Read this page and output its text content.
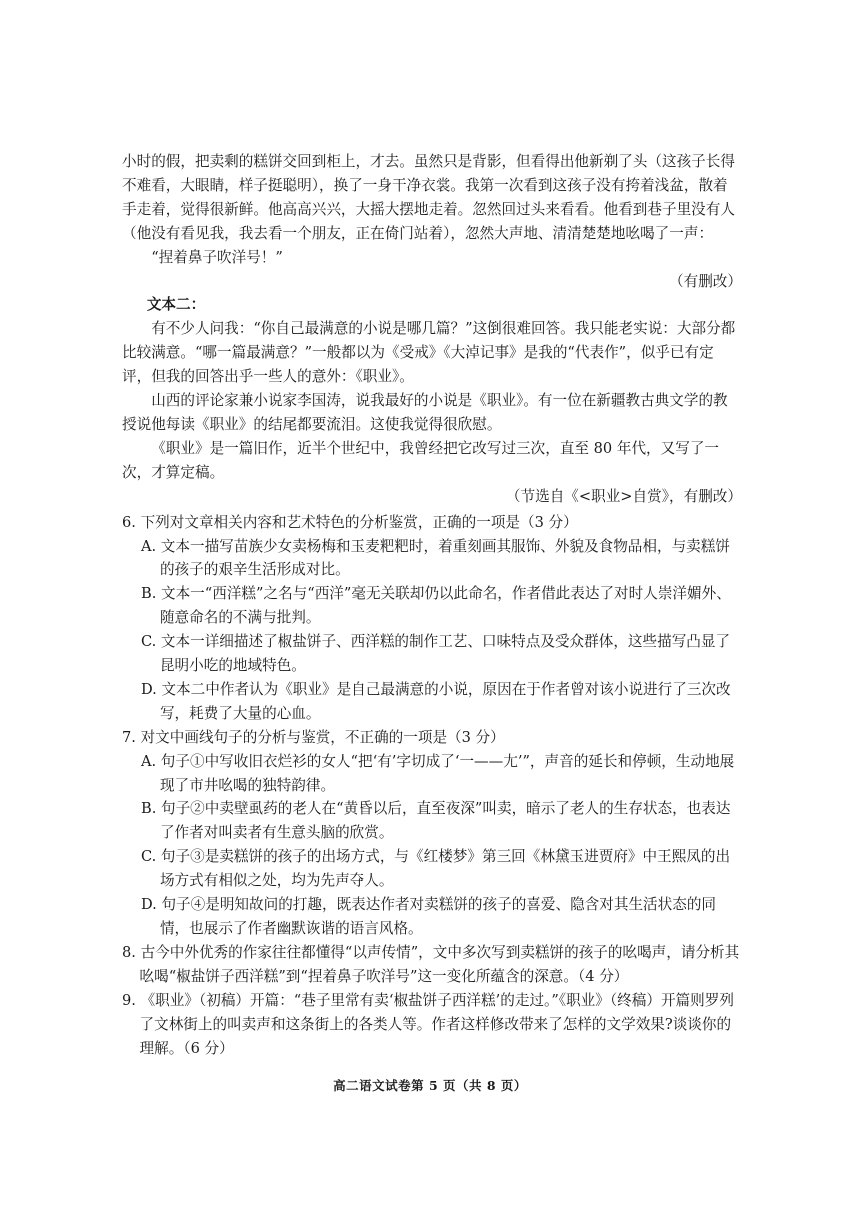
小时的假，把卖剩的糕饼交回到柜上，才去。虽然只是背影，但看得出他新剃了头（这孩子长得不难看，大眼睛，样子挺聪明），换了一身干净衣裳。我第一次看到这孩子没有挎着浅盆，散着手走着，觉得很新鲜。他高高兴兴，大摇大摆地走着。忽然回过头来看看。他看到巷子里没有人（他没有看见我，我去看一个朋友，正在倚门站着），忽然大声地、清清楚楚地吆喝了一声：

“捏着鼻子吹洋号！”

（有删改）

文本二：

有不少人问我：“你自己最满意的小说是哪几篇？”这倒很难回答。我只能老实说：大部分都比较满意。“哪一篇最满意？”一般都以为《受戒》《大淖记事》是我的“代表作”，似乎已有定评，但我的回答出乎一些人的意外：《职业》。

山西的评论家兼小说家李国涛，说我最好的小说是《职业》。有一位在新疆教古典文学的教授说他每读《职业》的结尾都要流泪。这使我觉得很欣慰。

《职业》是一篇旧作，近半个世纪中，我曾经把它改写过三次，直至 80 年代，又写了一次，才算定稿。

（节选自《<职业>自赏》，有删改）

6. 下列对文章相关内容和艺术特色的分析鉴赏，正确的一项是（3 分）

A. 文本一描写苗族少女卖杨梅和玉麦粑粑时，着重刻画其服饰、外貌及食物品相，与卖糕饼的孩子的艰辛生活形成对比。

B. 文本一“西洋糕”之名与“西洋”毫无关联却仍以此命名，作者借此表达了对时人崇洋媚外、随意命名的不满与批判。

C. 文本一详细描述了椒盐饼子、西洋糕的制作工艺、口味特点及受众群体，这些描写凸显了昆明小吃的地域特色。

D. 文本二中作者认为《职业》是自己最满意的小说，原因在于作者曾对该小说进行了三次改写，耗费了大量的心血。

7. 对文中画线句子的分析与鉴赏，不正确的一项是（3 分）

A. 句子①中写收旧衣烂衫的女人“把‘有’字切成了‘一——尢’”，声音的延长和停顿，生动地展现了市井吆喝的独特韵律。

B. 句子②中卖壁虱药的老人在“黄昏以后，直至夜深”叫卖，暗示了老人的生存状态，也表达了作者对叫卖者有生意头脑的欣赏。

C. 句子③是卖糕饼的孩子的出场方式，与《红楼梦》第三回《林黛玉进贾府》中王熙凤的出场方式有相似之处，均为先声夺人。

D. 句子④是明知故问的打趣，既表达作者对卖糕饼的孩子的喜爱、隐含对其生活状态的同情，也展示了作者幽默诙谐的语言风格。

8. 古今中外优秀的作家往往都懂得“以声传情”，文中多次写到卖糕饼的孩子的吆喝声，请分析其吆喝“椒盐饼子西洋糕”到“捏着鼻子吹洋号”这一变化所蕴含的深意。（4 分）

9. 《职业》（初稿）开篇：“巷子里常有卖‘椒盐饼子西洋糕’的走过。”《职业》（终稿）开篇则罗列了文林街上的叫卖声和这条街上的各类人等。作者这样修改带来了怎样的文学效果?谈谈你的理解。（6 分）

高二语文试卷第 5 页（共 8 页）
